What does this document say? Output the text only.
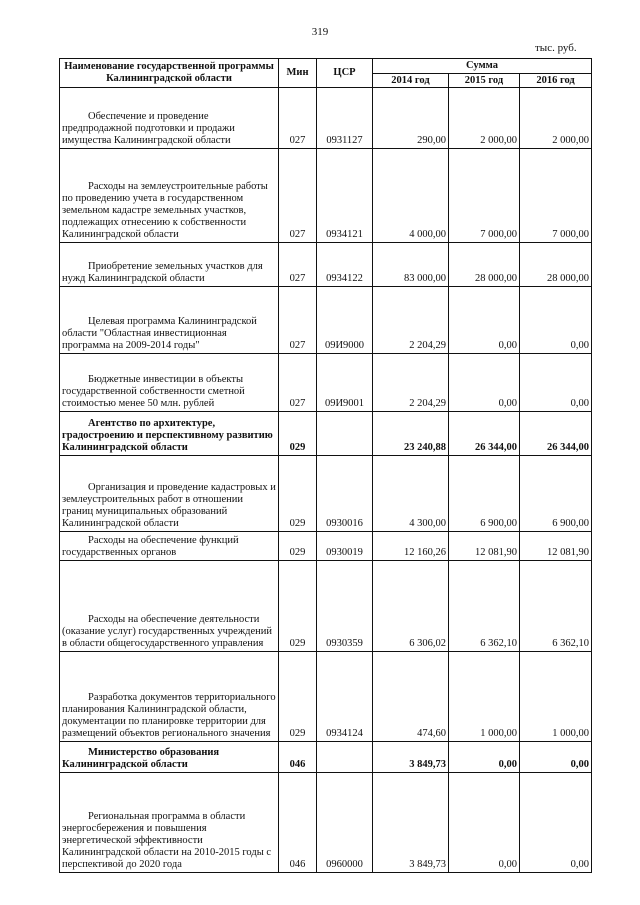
319
тыс. руб.
Наименование государственной программы Калининградской области	Мин	ЦСР	Сумма		
			2014 год	2015 год	2016 год

Обеспечение и проведение предпродажной подготовки и продажи имущества Калининградской области	027	0931127	290,00	2 000,00	2 000,00

Расходы на землеустроительные работы по проведению учета в государственном земельном кадастре земельных участков, подлежащих отнесению к собственности Калининградской области	027	0934121	4 000,00	7 000,00	7 000,00

Приобретение земельных участков для нужд Калининградской области	027	0934122	83 000,00	28 000,00	28 000,00

Целевая программа Калининградской области "Областная инвестиционная программа на 2009-2014 годы"	027	09И9000	2 204,29	0,00	0,00

Бюджетные инвестиции в объекты государственной собственности сметной стоимостью менее 50 млн. рублей	027	09И9001	2 204,29	0,00	0,00

Агентство по архитектуре, градостроению и перспективному развитию Калининградской области	029		23 240,88	26 344,00	26 344,00

Организация и проведение кадастровых и землеустроительных работ в отношении границ муниципальных образований Калининградской области	029	0930016	4 300,00	6 900,00	6 900,00

Расходы на обеспечение функций государственных органов	029	0930019	12 160,26	12 081,90	12 081,90

Расходы на обеспечение деятельности (оказание услуг) государственных учреждений в области общегосударственного управления	029	0930359	6 306,02	6 362,10	6 362,10

Разработка документов территориального планирования Калининградской области, документации по планировке территории для размещений объектов регионального значения	029	0934124	474,60	1 000,00	1 000,00

Министерство образования Калининградской области	046		3 849,73	0,00	0,00

Региональная программа в области энергосбережения и повышения энергетической эффективности Калининградской области на 2010-2015 годы с перспективой до 2020 года	046	0960000	3 849,73	0,00	0,00
